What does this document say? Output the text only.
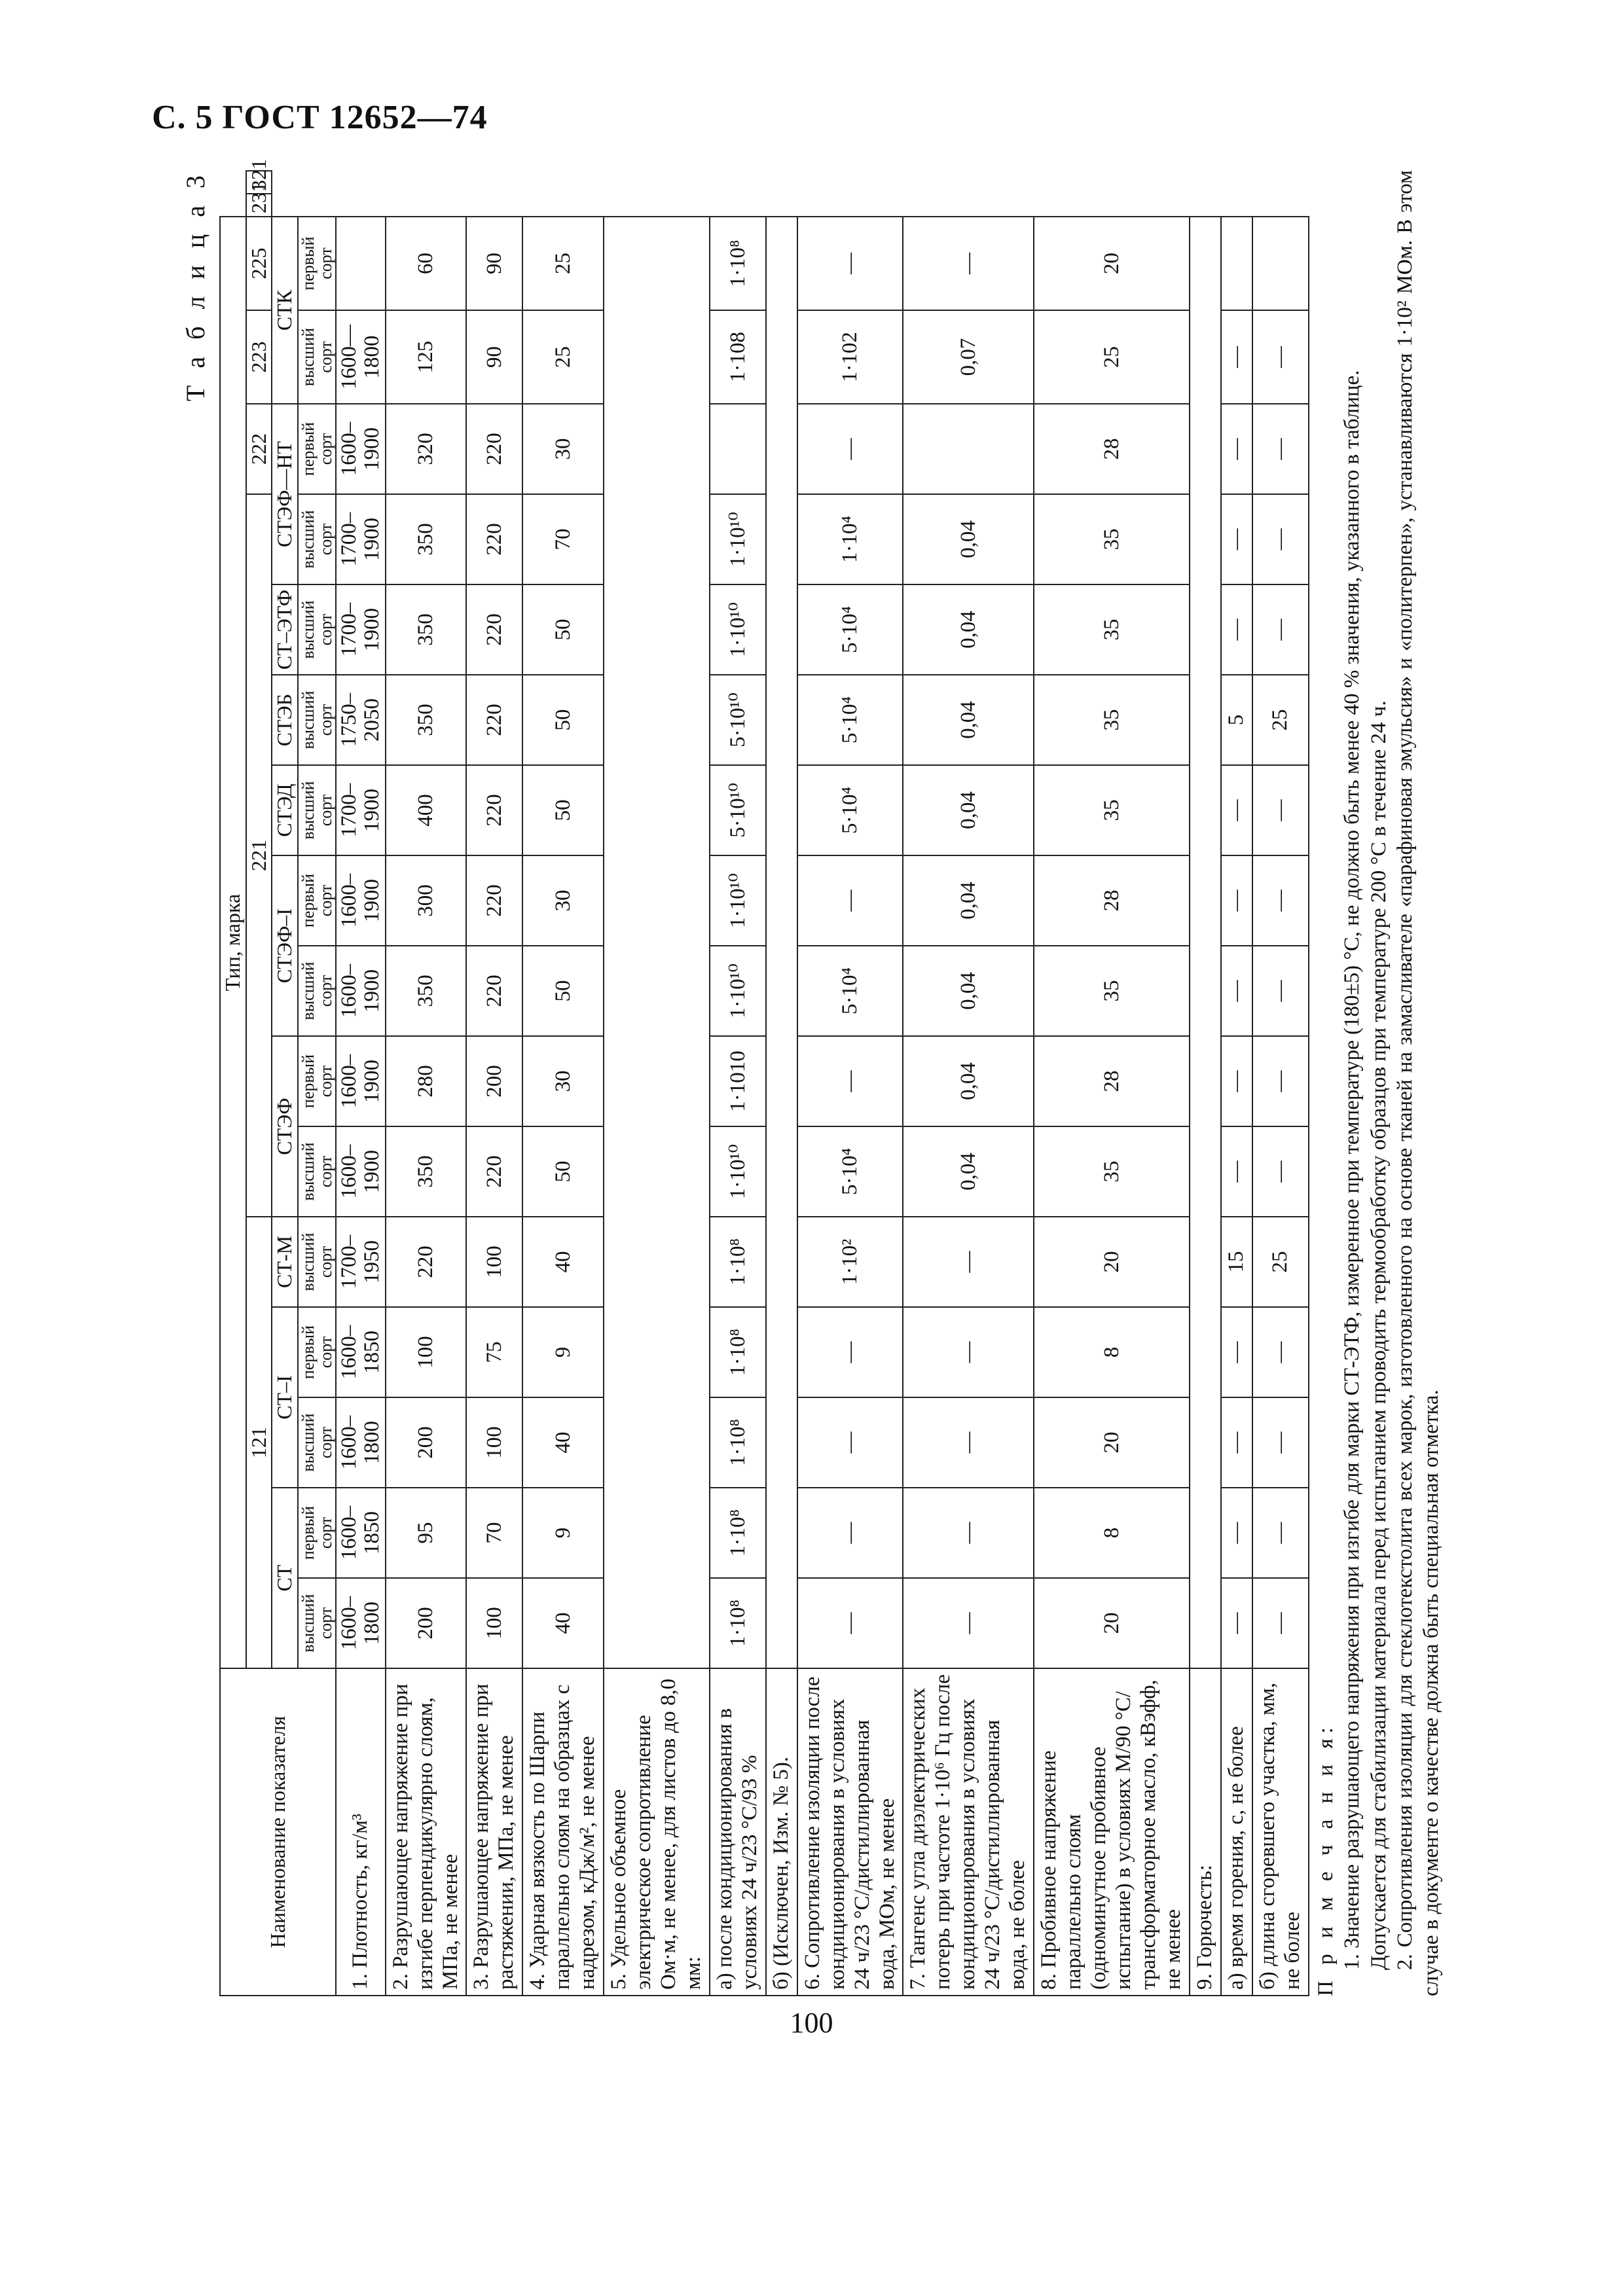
С. 5 ГОСТ 12652—74
Т а б л и ц а 3
Наименование показателя	Тип, марка																	
	121					221								222	223	225	231	321
	СТ		СТ–I		СТ-М	СТЭФ		СТЭФ–I		СТЭД	СТЭБ	СТ–ЭТФ	СТЭФ—НТ		СТК			
	высший сорт	первый сорт	высший сорт	первый сорт	высший сорт	высший сорт	первый сорт	высший сорт	первый сорт	высший сорт	высший сорт	высший сорт	высший сорт	первый сорт	высший сорт	первый сорт		
1. Плотность, кг/м³	1600–1800	1600–1850	1600–1800	1600–1850	1700–1950	1600–1900	1600–1900	1600–1900	1600–1900	1700–1900	1750–2050	1700–1900	1700–1900	1600–1900	1600—1800			
2. Разрушающее напряжение при изгибе перпендикулярно слоям, МПа, не менее	200	95	200	100	220	350	280	350	300	400	350	350	350	320	125	60		
3. Разрушающее напряжение при растяжении, МПа, не менее	100	70	100	75	100	220	200	220	220	220	220	220	220	220	90	90		
4. Ударная вязкость по Шарпи параллельно слоям на образцах с надрезом, кДж/м², не менее	40	9	40	9	40	50	30	50	30	50	50	50	70	30	25	25		
5. Удельное объемное электрическое сопротивление Ом·м, не менее, для листов до 8,0 мм:																		
а) после кондиционирования в условиях 24 ч/23 °С/93 %	1·10⁸	1·10⁸	1·10⁸	1·10⁸	1·10⁸	1·10¹⁰	1·1010	1·10¹⁰	1·10¹⁰	5·10¹⁰	5·10¹⁰	1·10¹⁰	1·10¹⁰		1·108	1·10⁸		
б) (Исключен, Изм. № 5).																		
6. Сопротивление изоляции после кондиционирования в условиях 24 ч/23 °С/дистиллированная вода, МОм, не менее	—	—	—	—	1·10²	5·10⁴	—	5·10⁴	—	5·10⁴	5·10⁴	5·10⁴	1·10⁴	—	1·102	—		
7. Тангенс угла диэлектрических потерь при частоте 1·10⁶ Гц после кондиционирования в условиях 24 ч/23 °С/дистиллированная вода, не более	—	—	—	—	—	0,04	0,04	0,04	0,04	0,04	0,04	0,04	0,04		0,07	—		
8. Пробивное напряжение параллельно слоям (одноминутное пробивное испытание) в условиях М/90 °С/трансформаторное масло, кВэфф, не менее	20	8	20	8	20	35	28	35	28	35	35	35	35	28	25	20		
9. Горючесть:																		
а) время горения, с, не более	—	—	—	—	15	—	—	—	—	—	5	—	—	—	—			
б) длина сгоревшего участка, мм, не более	—	—	—	—	25	—	—	—	—	—	25	—	—	—	—			

П р и м е ч а н и я: 1. Значение разрушающего напряжения при изгибе для марки СТ-ЭТФ, измеренное при температуре (180±5) °С, не должно быть менее 40 % значения, указанного в таблице. Допускается для стабилизации материала перед испытанием проводить термообработку образцов при температуре 200 °С в течение 24 ч. 2. Сопротивления изоляции для стеклотекстолита всех марок, изготовленного на основе тканей на замасливателе «парафиновая эмульсия» и «политерпен», устанавливаются 1·10² МОм. В этом случае в документе о качестве должна быть специальная отметка.

100
